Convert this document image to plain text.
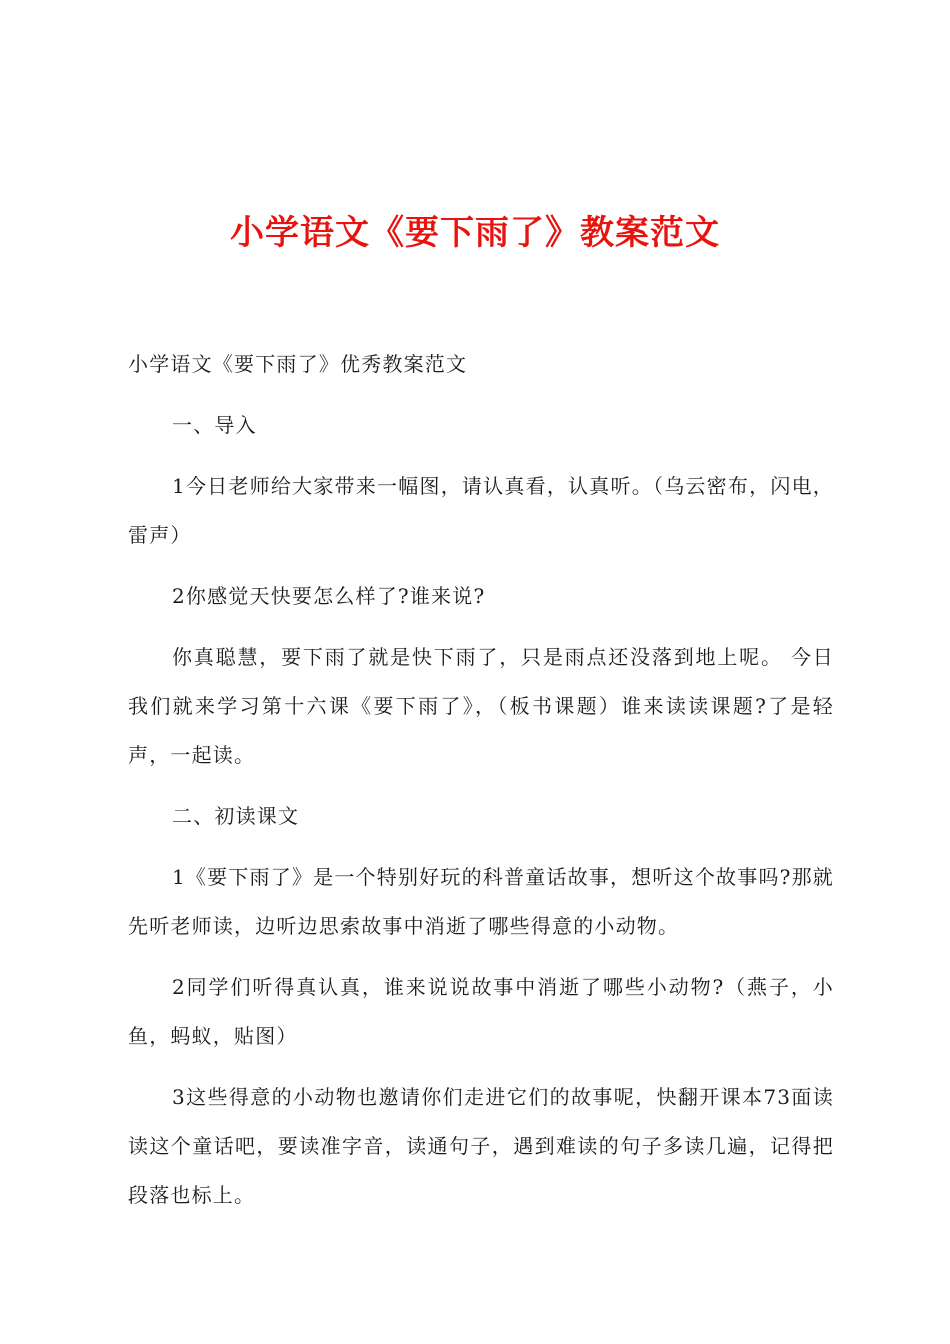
小学语文《要下雨了》教案范文

小学语文《要下雨了》优秀教案范文

一、导入

1今日老师给大家带来一幅图，请认真看，认真听。（乌云密布，闪电，雷声）

2你感觉天快要怎么样了?谁来说?

你真聪慧，要下雨了就是快下雨了，只是雨点还没落到地上呢。 今日我们就来学习第十六课《要下雨了》，（板书课题）谁来读读课题?了是轻声，一起读。

二、初读课文

1《要下雨了》是一个特别好玩的科普童话故事，想听这个故事吗?那就先听老师读，边听边思索故事中消逝了哪些得意的小动物。

2同学们听得真认真，谁来说说故事中消逝了哪些小动物?（燕子，小鱼，蚂蚁，贴图）

3这些得意的小动物也邀请你们走进它们的故事呢，快翻开课本73面读读这个童话吧，要读准字音，读通句子，遇到难读的句子多读几遍，记得把段落也标上。
